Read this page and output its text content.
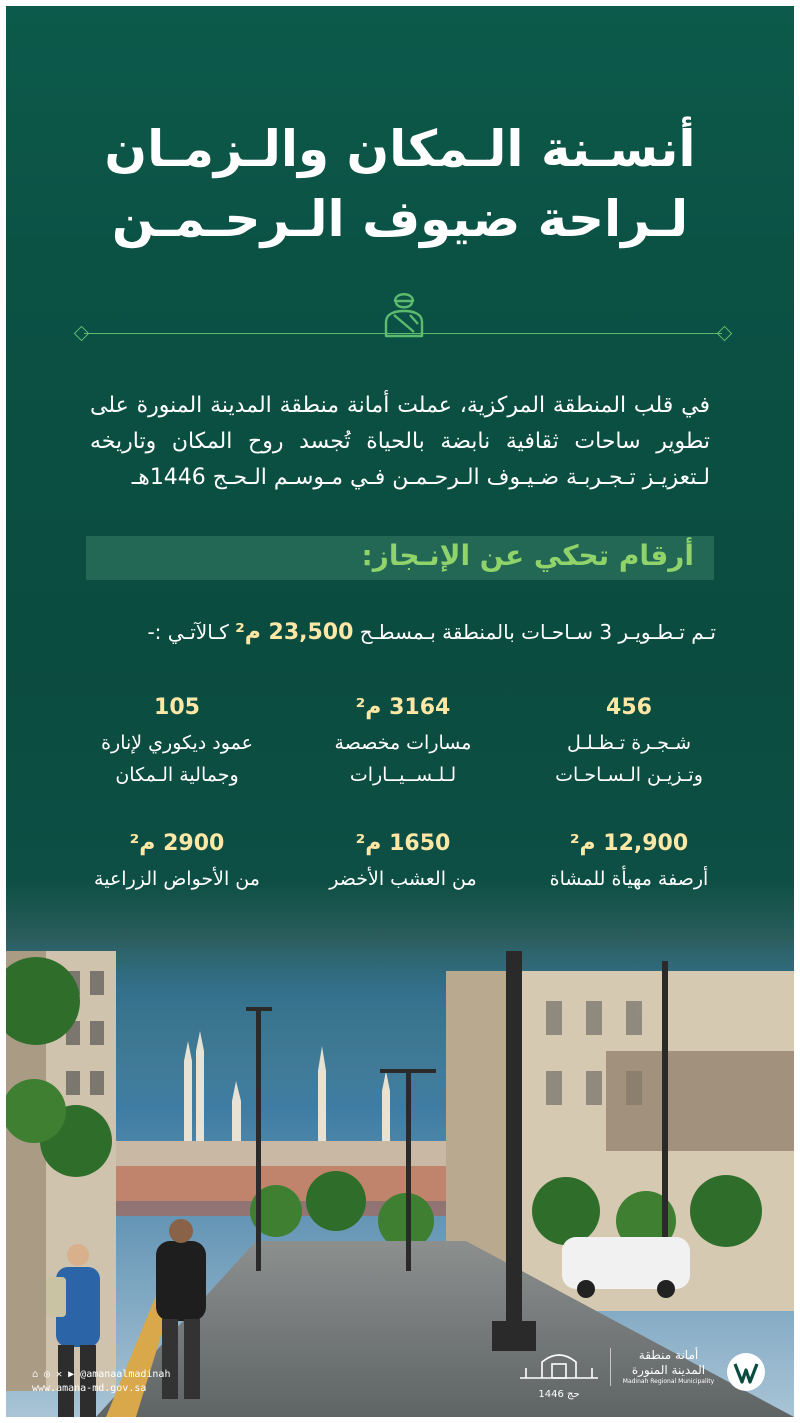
أنسـنة الـمكان والـزمـان
لـراحة ضيوف الـرحـمـن

في قلب المنطقة المركزية، عملت أمانة منطقة المدينة المنورة على تطوير ساحات ثقافية نابضة بالحياة تُجسد روح المكان وتاريخه لـتعزيـز تـجـربـة ضـيـوف الـرحـمـن فـي مـوسـم الـحـج 1446هـ

أرقام تحكي عن الإنـجاز:
تـم تـطـويـر 3 سـاحـات بالمنطقة بـمسطـح 23,500 م² كـالآتـي :-
456
شـجـرة تـظـلـل
وتـزيـن الـسـاحـات
3164 م²
مسارات مخصصة
لـلـســيــارات
105
عمود ديكوري لإنارة
وجمالية الـمكان
12,900 م²
أرصفة مهيأة للمشاة
1650 م²
من العشب الأخضر
2900 م²
من الأحواض الزراعية
⌂ ◎ ✕ ▶ @amanaalmadinah
www.amana-md.gov.sa
حج 1446
أمانة منطقة
المدينة المنورة
Madinah Regional Municipality
